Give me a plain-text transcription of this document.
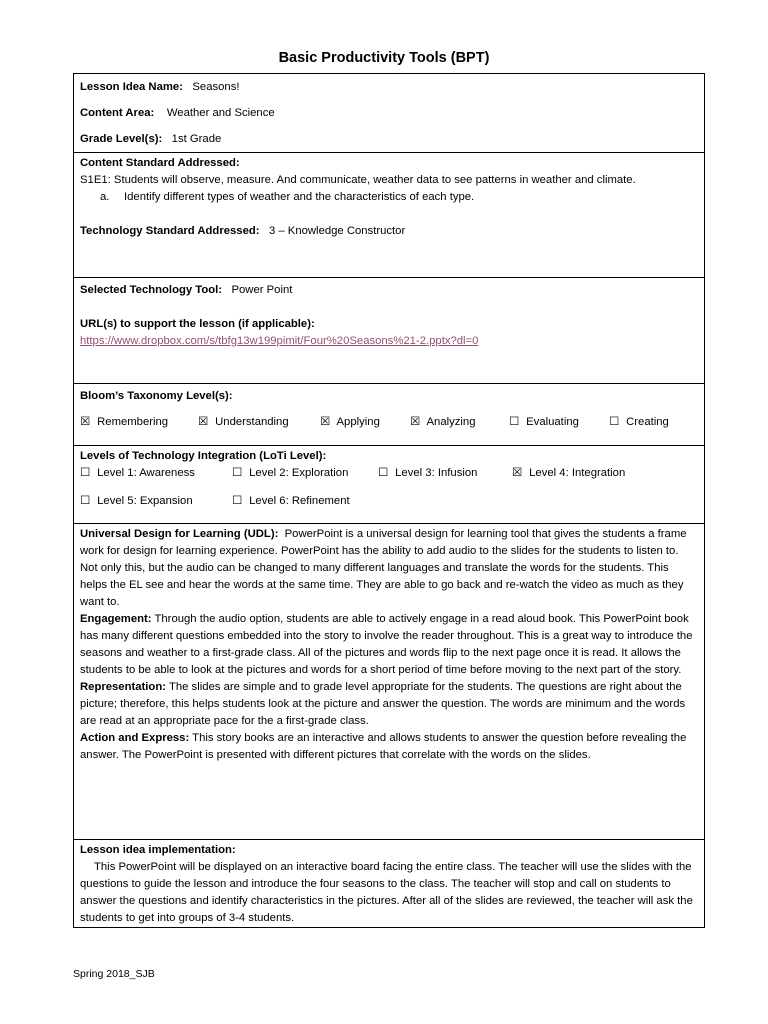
Basic Productivity Tools (BPT)
Lesson Idea Name: Seasons!
Content Area: Weather and Science
Grade Level(s): 1st Grade
Content Standard Addressed:
S1E1: Students will observe, measure. And communicate, weather data to see patterns in weather and climate.
a. Identify different types of weather and the characteristics of each type.
Technology Standard Addressed: 3 – Knowledge Constructor
Selected Technology Tool: Power Point
URL(s) to support the lesson (if applicable):
https://www.dropbox.com/s/tbfg13w199pimit/Four%20Seasons%21-2.pptx?dl=0
Bloom’s Taxonomy Level(s):
☒ Remembering	☒ Understanding	☒ Applying	☒ Analyzing	☐ Evaluating	☐ Creating
Levels of Technology Integration (LoTi Level):
☐ Level 1: Awareness	☐ Level 2: Exploration	☐ Level 3: Infusion	☒ Level 4: Integration
☐ Level 5: Expansion	☐ Level 6: Refinement
Universal Design for Learning (UDL): PowerPoint is a universal design for learning tool that gives the students a frame work for design for learning experience. PowerPoint has the ability to add audio to the slides for the students to listen to. Not only this, but the audio can be changed to many different languages and translate the words for the students. This helps the EL see and hear the words at the same time. They are able to go back and re-watch the video as much as they want to.
Engagement: Through the audio option, students are able to actively engage in a read aloud book. This PowerPoint book has many different questions embedded into the story to involve the reader throughout. This is a great way to introduce the seasons and weather to a first-grade class. All of the pictures and words flip to the next page once it is read. It allows the students to be able to look at the pictures and words for a short period of time before moving to the next part of the story.
Representation: The slides are simple and to grade level appropriate for the students. The questions are right about the picture; therefore, this helps students look at the picture and answer the question. The words are minimum and the words are read at an appropriate pace for the a first-grade class.
Action and Express: This story books are an interactive and allows students to answer the question before revealing the answer. The PowerPoint is presented with different pictures that correlate with the words on the slides.
Lesson idea implementation:
This PowerPoint will be displayed on an interactive board facing the entire class. The teacher will use the slides with the questions to guide the lesson and introduce the four seasons to the class. The teacher will stop and call on students to answer the questions and identify characteristics in the pictures. After all of the slides are reviewed, the teacher will ask the students to get into groups of 3-4 students.
Spring 2018_SJB
